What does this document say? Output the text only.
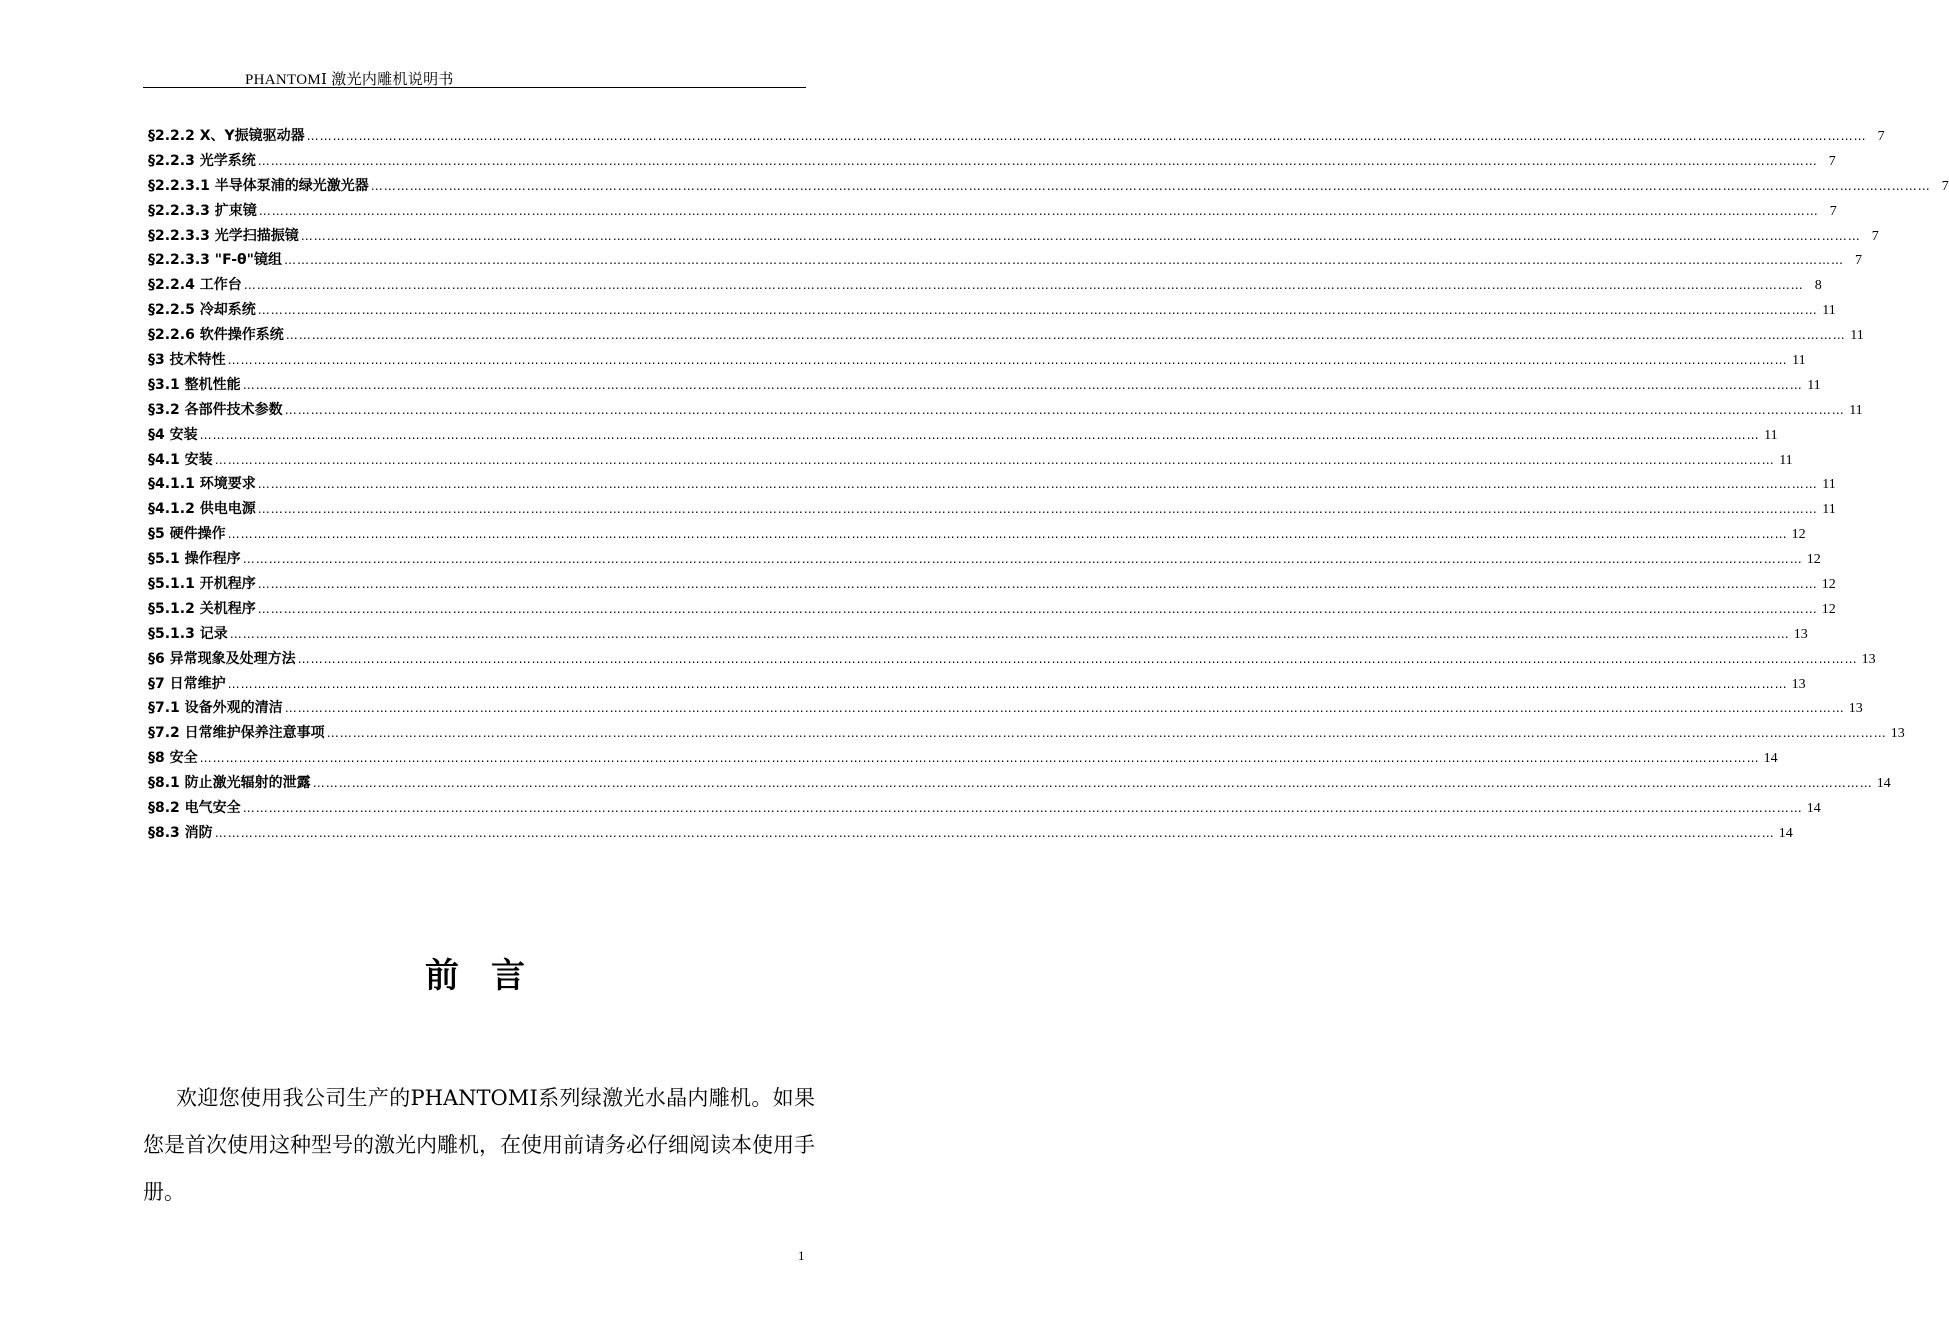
PHANTOMⅠ 激光内雕机说明书
§2.2.2 X、Y振镜驱动器 ……………………………………………………………………………………………………………………………………………………………………………………………………………………………………………………………………………………………………………………………… 7
§2.2.3 光学系统 ……………………………………………………………………………………………………………………………………………………………………………………………………………………………………………………………………………………………………………………………… 7
§2.2.3.1 半导体泵浦的绿光激光器 ……………………………………………………………………………………………………………………………………………………………………………………………………………………………………………………………………………………………………………………………… 7
§2.2.3.3 扩束镜 ……………………………………………………………………………………………………………………………………………………………………………………………………………………………………………………………………………………………………………………………… 7
§2.2.3.3 光学扫描振镜 ……………………………………………………………………………………………………………………………………………………………………………………………………………………………………………………………………………………………………………………………… 7
§2.2.3.3 "F-θ"镜组 ……………………………………………………………………………………………………………………………………………………………………………………………………………………………………………………………………………………………………………………………… 7
§2.2.4 工作台 ……………………………………………………………………………………………………………………………………………………………………………………………………………………………………………………………………………………………………………………………… 8
§2.2.5 冷却系统 ……………………………………………………………………………………………………………………………………………………………………………………………………………………………………………………………………………………………………………………………… 11
§2.2.6 软件操作系统 ……………………………………………………………………………………………………………………………………………………………………………………………………………………………………………………………………………………………………………………………… 11
§3 技术特性 ……………………………………………………………………………………………………………………………………………………………………………………………………………………………………………………………………………………………………………………………… 11
§3.1 整机性能 ……………………………………………………………………………………………………………………………………………………………………………………………………………………………………………………………………………………………………………………………… 11
§3.2 各部件技术参数 ……………………………………………………………………………………………………………………………………………………………………………………………………………………………………………………………………………………………………………………………… 11
§4 安装 ……………………………………………………………………………………………………………………………………………………………………………………………………………………………………………………………………………………………………………………………… 11
§4.1 安装 ……………………………………………………………………………………………………………………………………………………………………………………………………………………………………………………………………………………………………………………………… 11
§4.1.1 环境要求 ……………………………………………………………………………………………………………………………………………………………………………………………………………………………………………………………………………………………………………………………… 11
§4.1.2 供电电源 ……………………………………………………………………………………………………………………………………………………………………………………………………………………………………………………………………………………………………………………………… 11
§5 硬件操作 ……………………………………………………………………………………………………………………………………………………………………………………………………………………………………………………………………………………………………………………………… 12
§5.1 操作程序 ……………………………………………………………………………………………………………………………………………………………………………………………………………………………………………………………………………………………………………………………… 12
§5.1.1 开机程序 ……………………………………………………………………………………………………………………………………………………………………………………………………………………………………………………………………………………………………………………………… 12
§5.1.2 关机程序 ……………………………………………………………………………………………………………………………………………………………………………………………………………………………………………………………………………………………………………………………… 12
§5.1.3 记录 ……………………………………………………………………………………………………………………………………………………………………………………………………………………………………………………………………………………………………………………………… 13
§6 异常现象及处理方法 ……………………………………………………………………………………………………………………………………………………………………………………………………………………………………………………………………………………………………………………………… 13
§7 日常维护 ……………………………………………………………………………………………………………………………………………………………………………………………………………………………………………………………………………………………………………………………… 13
§7.1 设备外观的清洁 ……………………………………………………………………………………………………………………………………………………………………………………………………………………………………………………………………………………………………………………………… 13
§7.2 日常维护保养注意事项 ……………………………………………………………………………………………………………………………………………………………………………………………………………………………………………………………………………………………………………………………… 13
§8 安全 ……………………………………………………………………………………………………………………………………………………………………………………………………………………………………………………………………………………………………………………………… 14
§8.1 防止激光辐射的泄露 ……………………………………………………………………………………………………………………………………………………………………………………………………………………………………………………………………………………………………………………………… 14
§8.2 电气安全 ……………………………………………………………………………………………………………………………………………………………………………………………………………………………………………………………………………………………………………………………… 14
§8.3 消防 ……………………………………………………………………………………………………………………………………………………………………………………………………………………………………………………………………………………………………………………………… 14
前言
欢迎您使用我公司生产的PHANTOMⅠ系列绿激光水晶内雕机。如果您是首次使用这种型号的激光内雕机，在使用前请务必仔细阅读本使用手册。
1
